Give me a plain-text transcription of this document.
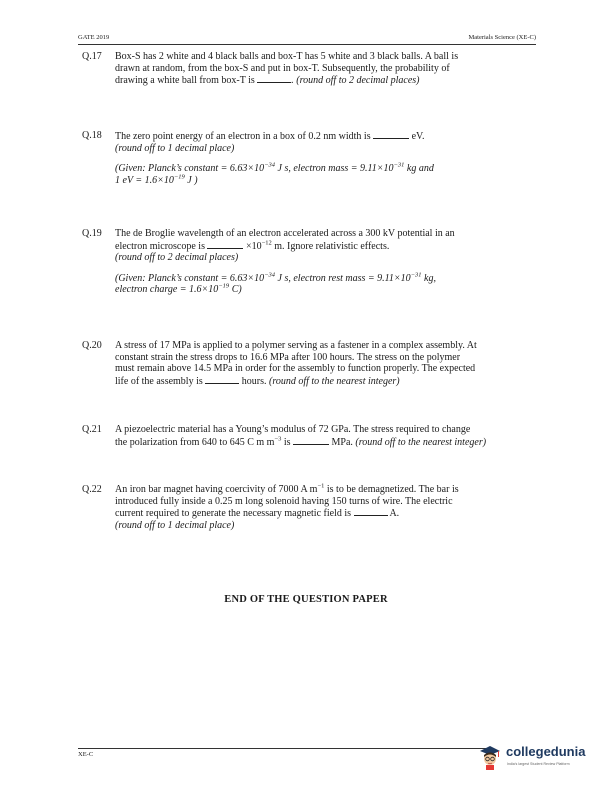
GATE 2019	Materials Science (XE-C)
Q.17	Box-S has 2 white and 4 black balls and box-T has 5 white and 3 black balls. A ball is
drawn at random, from the box-S and put in box-T. Subsequently, the probability of
drawing a white ball from box-T is	. (round off to 2 decimal places)
Q.18	The zero point energy of an electron in a box of 0.2 nm width is	eV.
(round off to 1 decimal place)
(Given: Planck’s constant = $6.63\times 10^{-34}$ J s, electron mass = $9.11\times 10^{-31}$ kg and
1 eV = $1.6\times 10^{-19}$ J )
Q.19	The de Broglie wavelength of an electron accelerated across a 300 kV potential in an
electron microscope is	$\times 10^{-12}$ m. Ignore relativistic effects.
(round off to 2 decimal places)
(Given: Planck’s constant = $6.63\times 10^{-34}$ J s, electron rest mass = $9.11\times 10^{-31}$ kg,
electron charge = $1.6\times 10^{-19}$ C)
Q.20	A stress of 17 MPa is applied to a polymer serving as a fastener in a complex assembly. At
constant strain the stress drops to 16.6 MPa after 100 hours. The stress on the polymer
must remain above 14.5 MPa in order for the assembly to function properly. The expected
life of the assembly is	hours. (round off to the nearest integer)
Q.21	A piezoelectric material has a Young’s modulus of 72 GPa. The stress required to change
the polarization from 640 to 645 C m $m^{-3}$ is	MPa. (round off to the nearest integer)
Q.22	An iron bar magnet having coercivity of 7000 A $m^{-1}$ is to be demagnetized. The bar is
introduced fully inside a 0.25 m long solenoid having 150 turns of wire. The electric
current required to generate the necessary magnetic field is	A.
(round off to 1 decimal place)
END OF THE QUESTION PAPER
XE-C	collegedunia
India's largest Student Review Platform
